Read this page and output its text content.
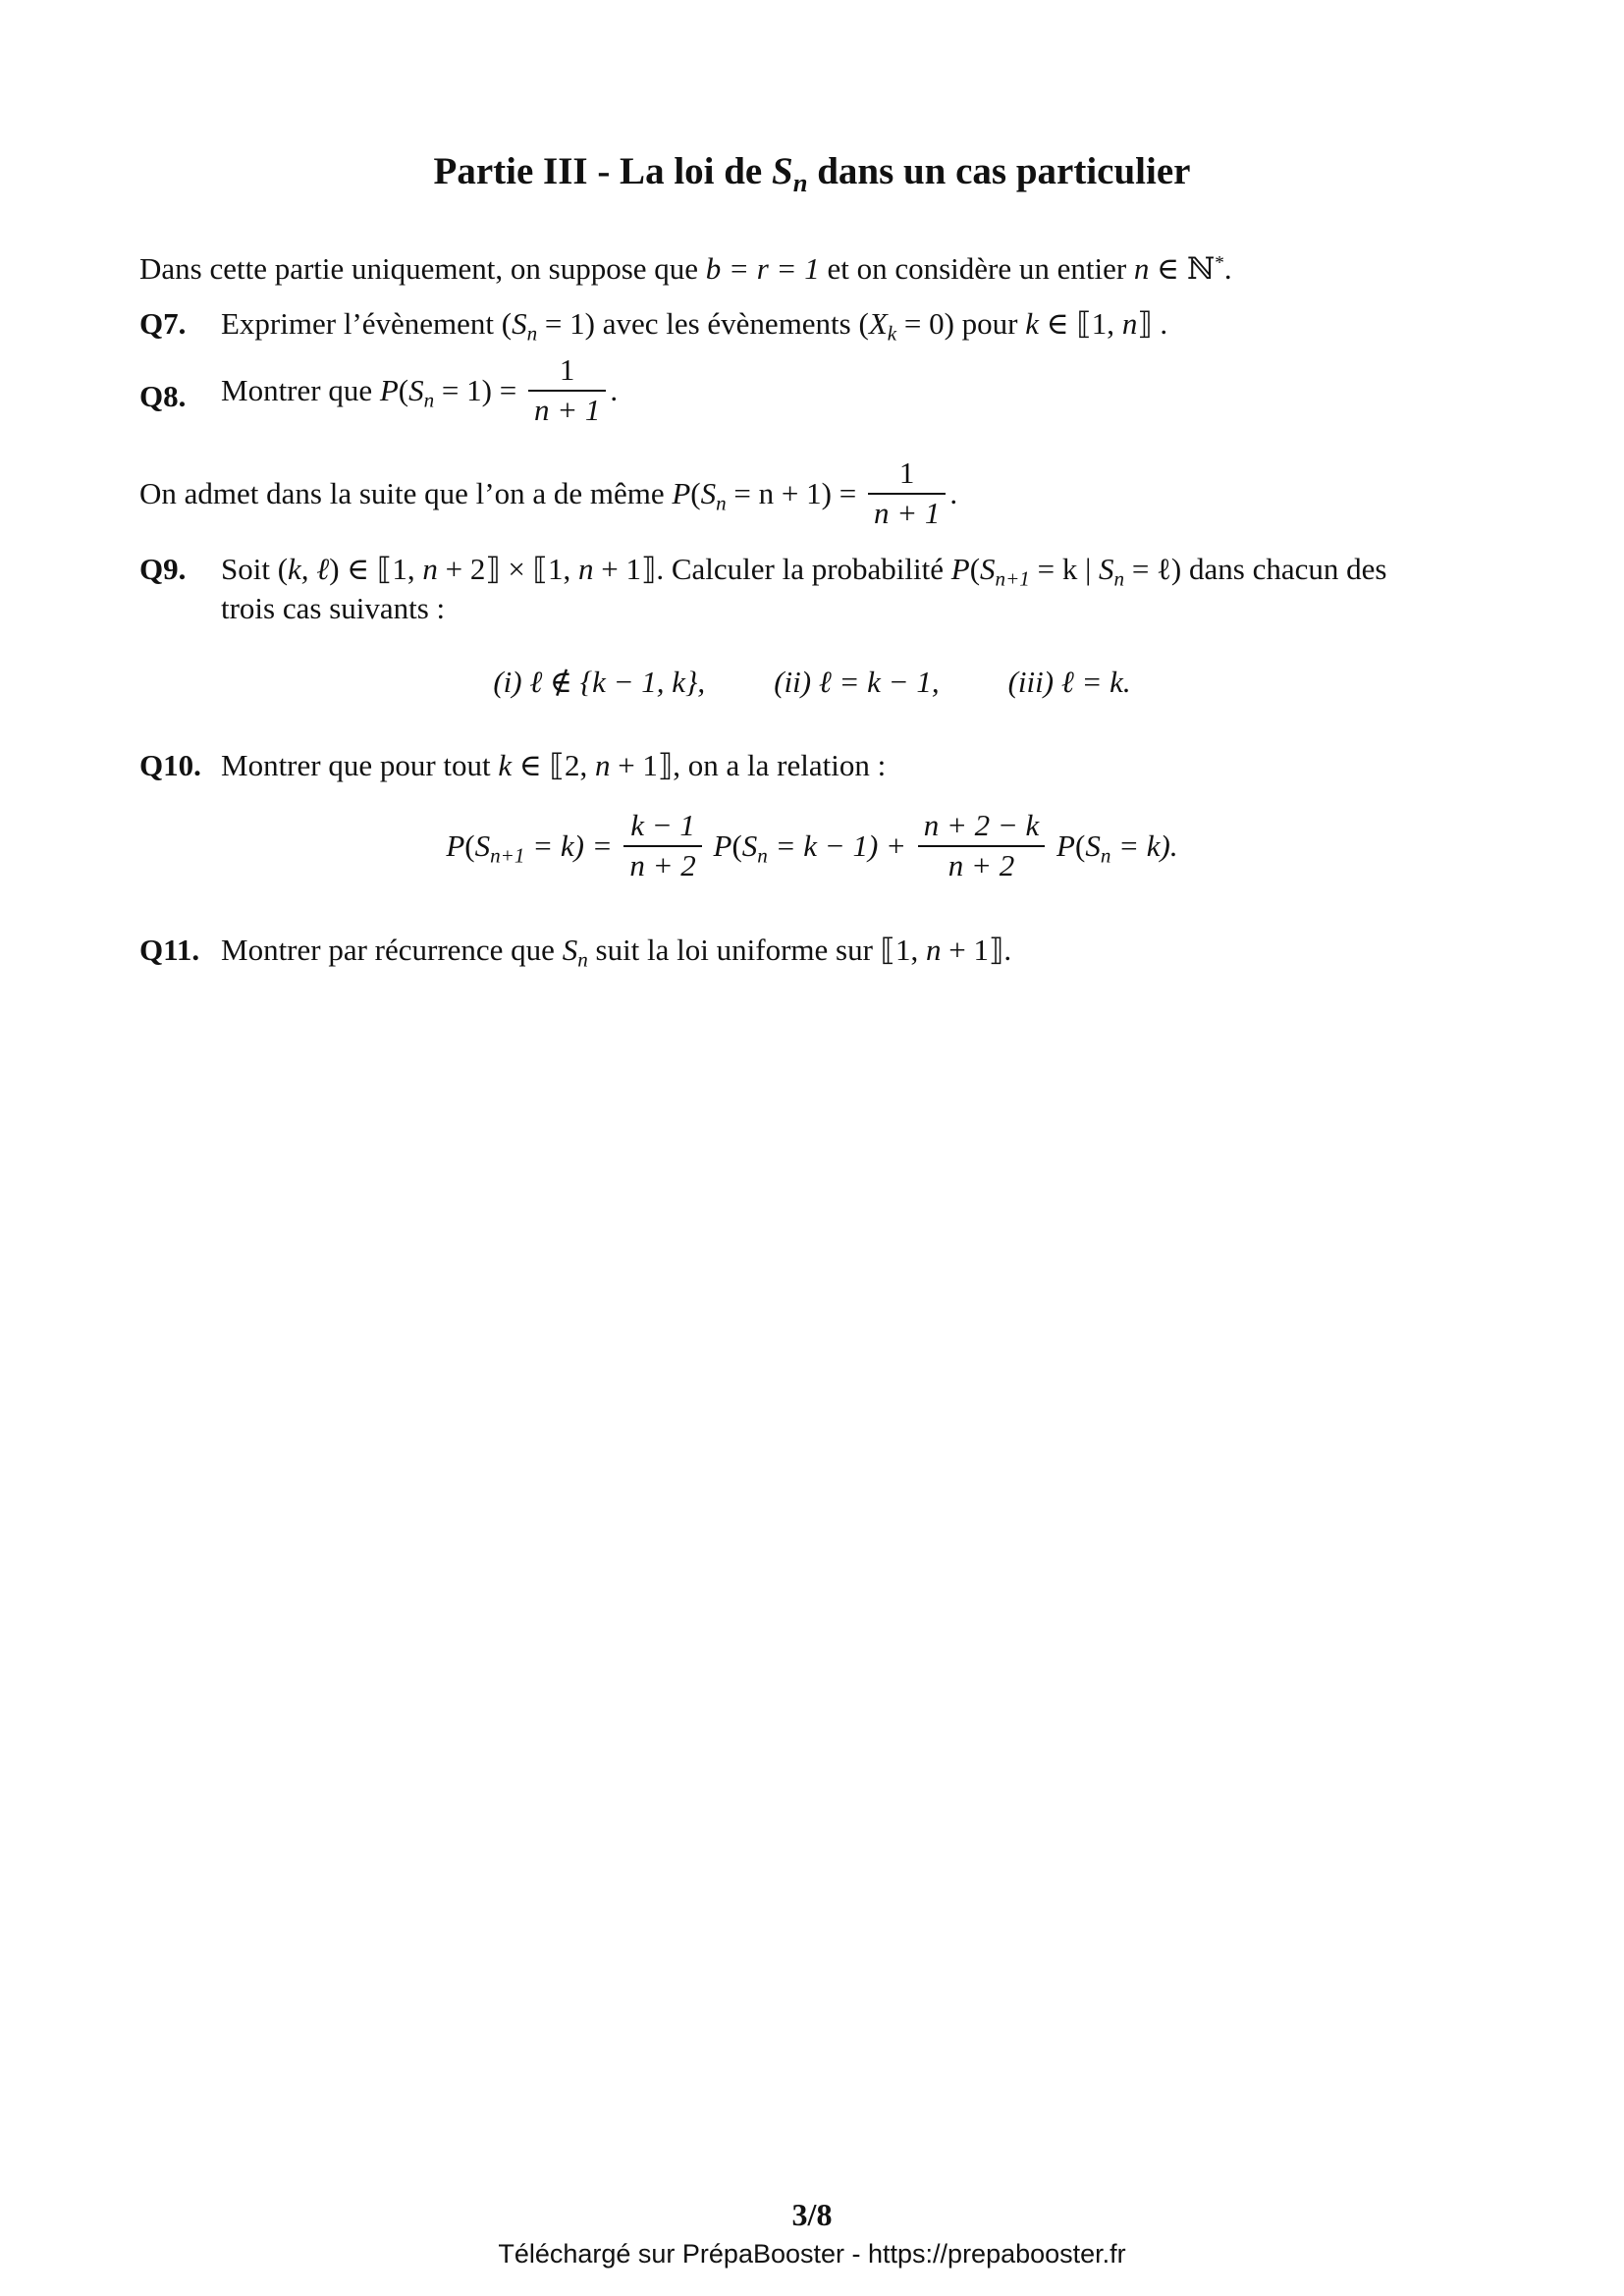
Partie III - La loi de $S_n$ dans un cas particulier
Dans cette partie uniquement, on suppose que b = r = 1 et on considère un entier n ∈ ℕ*.
Q7. Exprimer l’évènement $(S_n = 1)$ avec les évènements $(X_k = 0)$ pour k ∈ ⟦1, n⟧ .
Q8. Montrer que $P(S_n = 1) = \frac{1}{n + 1}$ .
On admet dans la suite que l’on a de même $P(S_n = n + 1) = \frac{1}{n + 1}$ .
Q9. Soit (k, ℓ) ∈ ⟦1, n + 2⟧ × ⟦1, n + 1⟧. Calculer la probabilité $P(S_{n+1} = k$ | $S_n$ = ℓ) dans chacun des
trois cas suivants :
(i) ℓ ∉ {k − 1, k}, (ii) ℓ = k − 1, (iii) ℓ = k.
Q10. Montrer que pour tout k ∈ ⟦2, n + 1⟧, on a la relation :
$P(S_{n+1} = k) = \frac{k - 1}{n + 2} P(S_n = k - 1) + \frac{n + 2 - k}{n + 2} P(S_n = k)$.
Q11. Montrer par récurrence que $S_n$ suit la loi uniforme sur ⟦1, n + 1⟧.
3/8
Téléchargé sur PrépaBooster - https://prepabooster.fr
